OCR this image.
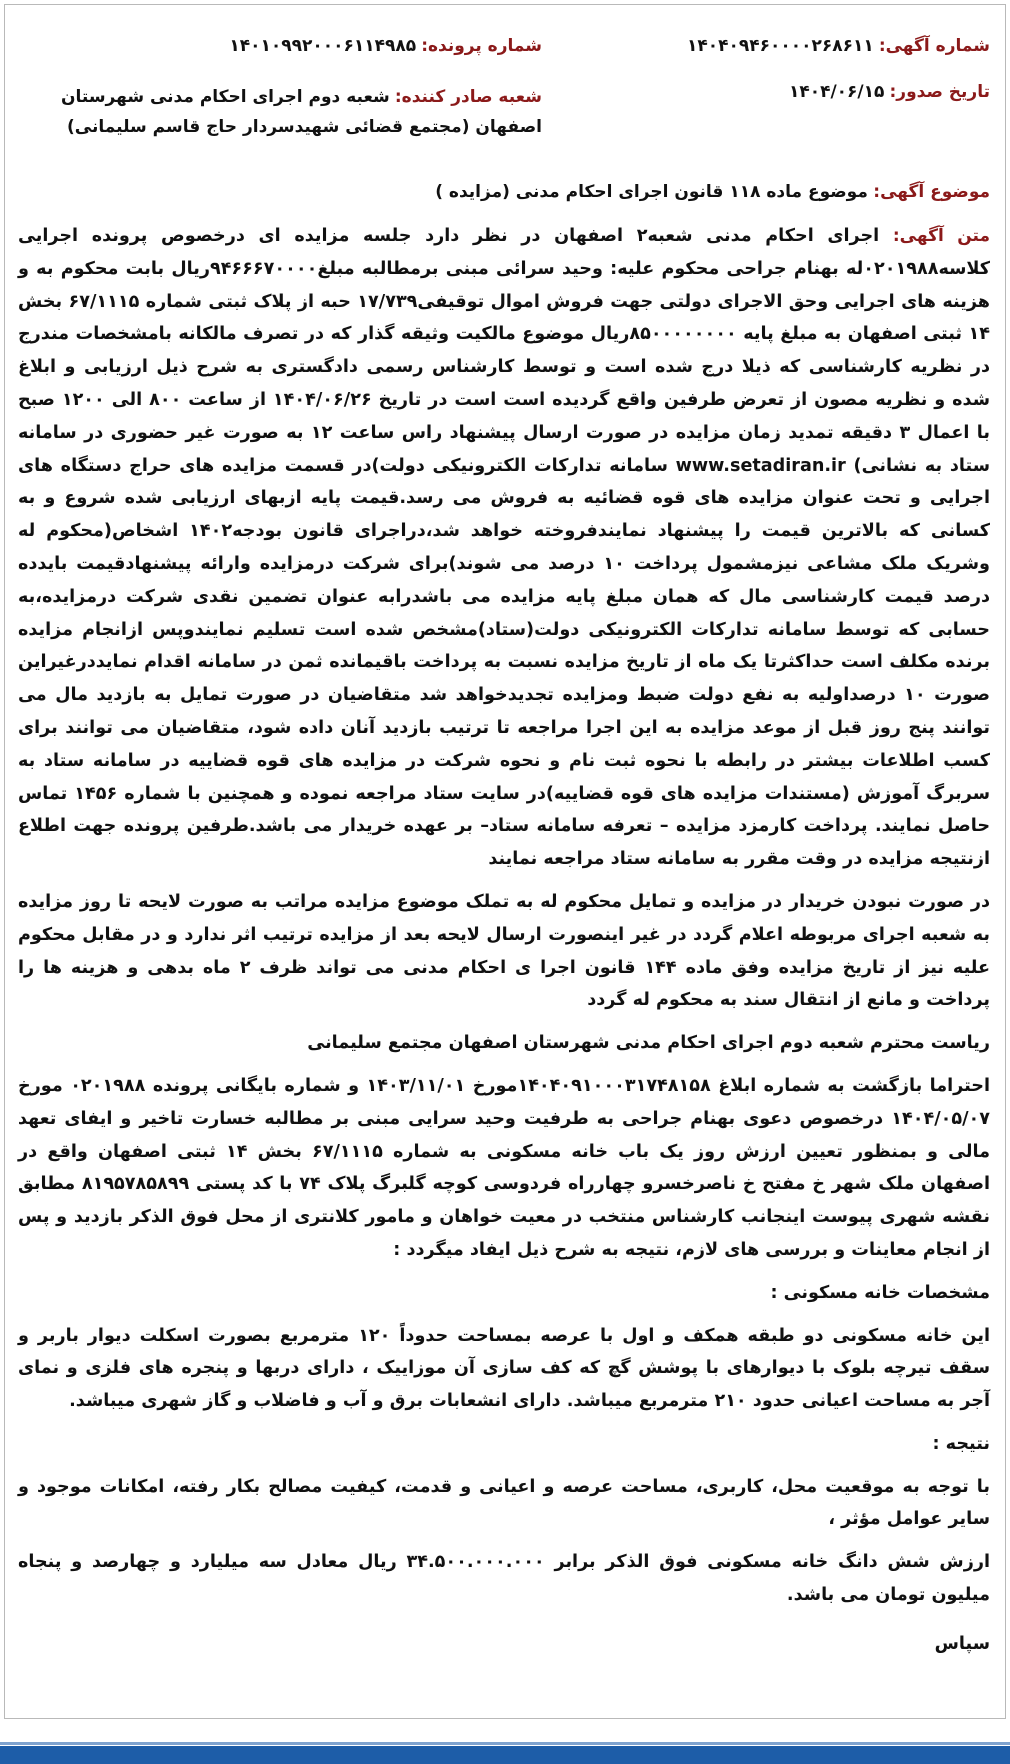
شماره آگهی: ۱۴۰۴۰۹۴۶۰۰۰۰۲۶۸۶۱۱
شماره پرونده: ۱۴۰۱۰۹۹۲۰۰۰۶۱۱۴۹۸۵
تاریخ صدور: ۱۴۰۴/۰۶/۱۵
شعبه صادر کننده: شعبه دوم اجرای احکام مدنی شهرستان اصفهان (مجتمع قضائی شهیدسردار حاج قاسم سلیمانی)
موضوع آگهی: موضوع ماده ۱۱۸ قانون اجرای احکام مدنی (مزایده )

متن آگهی: اجرای احکام مدنی شعبه۲ اصفهان در نظر دارد جلسه مزایده ای درخصوص پرونده اجرایی کلاسه۰۲۰۱۹۸۸له بهنام جراحی محکوم علیه: وحید سرائی مبنی برمطالبه مبلغ۹۴۶۶۶۷۰۰۰۰ریال بابت محکوم به و هزینه های اجرایی وحق الاجرای دولتی جهت فروش اموال توقیفی۱۷/۷۳۹ حبه از پلاک ثبتی شماره ۶۷/۱۱۱۵ بخش ۱۴ ثبتی اصفهان به مبلغ پایه ۸۵۰۰۰۰۰۰۰۰ریال موضوع مالکیت وثیقه گذار که در تصرف مالکانه بامشخصات مندرج در نظریه کارشناسی که ذیلا درج شده است و توسط کارشناس رسمی دادگستری به شرح ذیل ارزیابی و ابلاغ شده و نظریه مصون از تعرض طرفین واقع گردیده است است در تاریخ ۱۴۰۴/۰۶/۲۶ از ساعت ۸۰۰ الی ۱۲۰۰ صبح با اعمال ۳ دقیقه تمدید زمان مزایده در صورت ارسال پیشنهاد راس ساعت ۱۲ به صورت غیر حضوری در سامانه ستاد به نشانی) www.setadiran.ir سامانه تدارکات الکترونیکی دولت)در قسمت مزایده های حراج دستگاه های اجرایی و تحت عنوان مزایده های قوه قضائیه به فروش می رسد.قیمت پایه ازبهای ارزیابی شده شروع و به کسانی که بالاترین قیمت را پیشنهاد نمایندفروخته خواهد شد،دراجرای قانون بودجه۱۴۰۲ اشخاص(محکوم له وشریک ملک مشاعی نیزمشمول پرداخت ۱۰ درصد می شوند)برای شرکت درمزایده وارائه پیشنهادقیمت بایدده درصد قیمت کارشناسی مال که همان مبلغ پایه مزایده می باشدرابه عنوان تضمین نقدی شرکت درمزایده،به حسابی که توسط سامانه تدارکات الکترونیکی دولت(ستاد)مشخص شده است تسلیم نمایندوپس ازانجام مزایده برنده مکلف است حداکثرتا یک ماه از تاریخ مزایده نسبت به پرداخت باقیمانده ثمن در سامانه اقدام نمایددرغیراین صورت ۱۰ درصداولیه به نفع دولت ضبط ومزایده تجدیدخواهد شد متقاضیان در صورت تمایل به بازدید مال می توانند پنج روز قبل از موعد مزایده به این اجرا مراجعه تا ترتیب بازدید آنان داده شود، متقاضیان می توانند برای کسب اطلاعات بیشتر در رابطه با نحوه ثبت نام و نحوه شرکت در مزایده های قوه قضاییه در سامانه ستاد به سربرگ آموزش (مستندات مزایده های قوه قضاییه)در سایت ستاد مراجعه نموده و همچنین با شماره ۱۴۵۶ تماس حاصل نمایند. پرداخت کارمزد مزایده – تعرفه سامانه ستاد– بر عهده خریدار می باشد.طرفین پرونده جهت اطلاع ازنتیجه مزایده در وقت مقرر به سامانه ستاد مراجعه نمایند

در صورت نبودن خریدار در مزایده و تمایل محکوم له به تملک موضوع مزایده مراتب به صورت لایحه تا روز مزایده به شعبه اجرای مربوطه اعلام گردد در غیر اینصورت ارسال لایحه بعد از مزایده ترتیب اثر ندارد و در مقابل محکوم علیه نیز از تاریخ مزایده وفق ماده ۱۴۴ قانون اجرا ی احکام مدنی می تواند ظرف ۲ ماه بدهی و هزینه ها را پرداخت و مانع از انتقال سند به محکوم له گردد

ریاست محترم شعبه دوم اجرای احکام مدنی شهرستان اصفهان مجتمع سلیمانی

احتراما بازگشت به شماره ابلاغ ۱۴۰۴۰۹۱۰۰۰۳۱۷۴۸۱۵۸مورخ ۱۴۰۳/۱۱/۰۱ و شماره بایگانی پرونده ۰۲۰۱۹۸۸ مورخ ۱۴۰۴/۰۵/۰۷ درخصوص دعوی بهنام جراحی به طرفیت وحید سرایی مبنی بر مطالبه خسارت تاخیر و ایفای تعهد مالی و بمنظور تعیین ارزش روز یک باب خانه مسکونی به شماره ۶۷/۱۱۱۵ بخش ۱۴ ثبتی اصفهان واقع در اصفهان ملک شهر خ مفتح خ ناصرخسرو چهارراه فردوسی کوچه گلبرگ پلاک ۷۴ با کد پستی ۸۱۹۵۷۸۵۸۹۹ مطابق نقشه شهری پیوست اینجانب کارشناس منتخب در معیت خواهان و مامور کلانتری از محل فوق الذکر بازدید و پس از انجام معاینات و بررسی های لازم، نتیجه به شرح ذیل ایفاد میگردد :

مشخصات خانه مسکونی :

این خانه مسکونی دو طبقه همکف و اول با عرصه بمساحت حدوداً ۱۲۰ مترمربع بصورت اسکلت دیوار باربر و سقف تیرچه بلوک با دیوارهای با پوشش گچ که کف سازی آن موزاییک ، دارای دربها و پنجره های فلزی و نمای آجر به مساحت اعیانی حدود ۲۱۰ مترمربع میباشد. دارای انشعابات برق و آب و فاضلاب و گاز شهری میباشد.

نتیجه :

با توجه به موقعیت محل، کاربری، مساحت عرصه و اعیانی و قدمت، کیفیت مصالح بکار رفته، امکانات موجود و سایر عوامل مؤثر ،

ارزش شش دانگ خانه مسکونی فوق الذکر برابر ۳۴.۵۰۰.۰۰۰.۰۰۰ ریال معادل سه میلیارد و چهارصد و پنجاه میلیون تومان می باشد.

سپاس
